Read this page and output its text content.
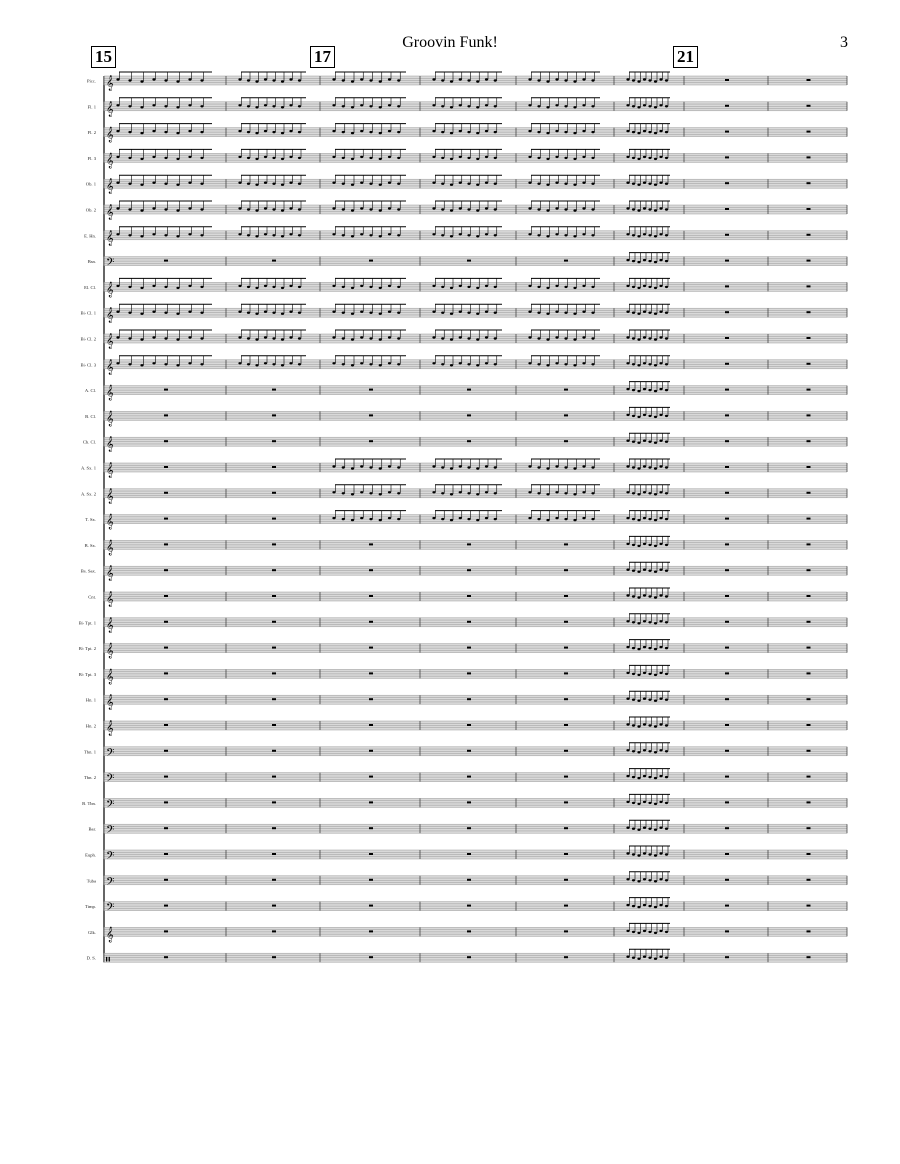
Groovin Funk!	3
15	17	21
Picc. 𝄞
Fl. 1 𝄞
Fl. 2 𝄞
Fl. 3 𝄞
Ob. 1 𝄞
Ob. 2 𝄞
E. Hn. 𝄞
Bsn. 𝄢
El. Cl. 𝄞
B♭ Cl. 1 𝄞
B♭ Cl. 2 𝄞
B♭ Cl. 3 𝄞
A. Cl. 𝄞
B. Cl. 𝄞
Cb. Cl. 𝄞
A. Sx. 1 𝄞
A. Sx. 2 𝄞
T. Sx. 𝄞
B. Sx. 𝄞
Bs. Sax. 𝄞
Cnt. 𝄞
B♭ Tpt. 1 𝄞
B♭ Tpt. 2 𝄞
B♭ Tpt. 3 𝄞
Hn. 1 𝄞
Hn. 2 𝄞
Tbn. 1 𝄢
Tbn. 2 𝄢
B. Tbn. 𝄢
Bar. 𝄢
Euph. 𝄢
Tuba 𝄢
Timp. 𝄢
Glk. 𝄞
D. S. 𝄥
